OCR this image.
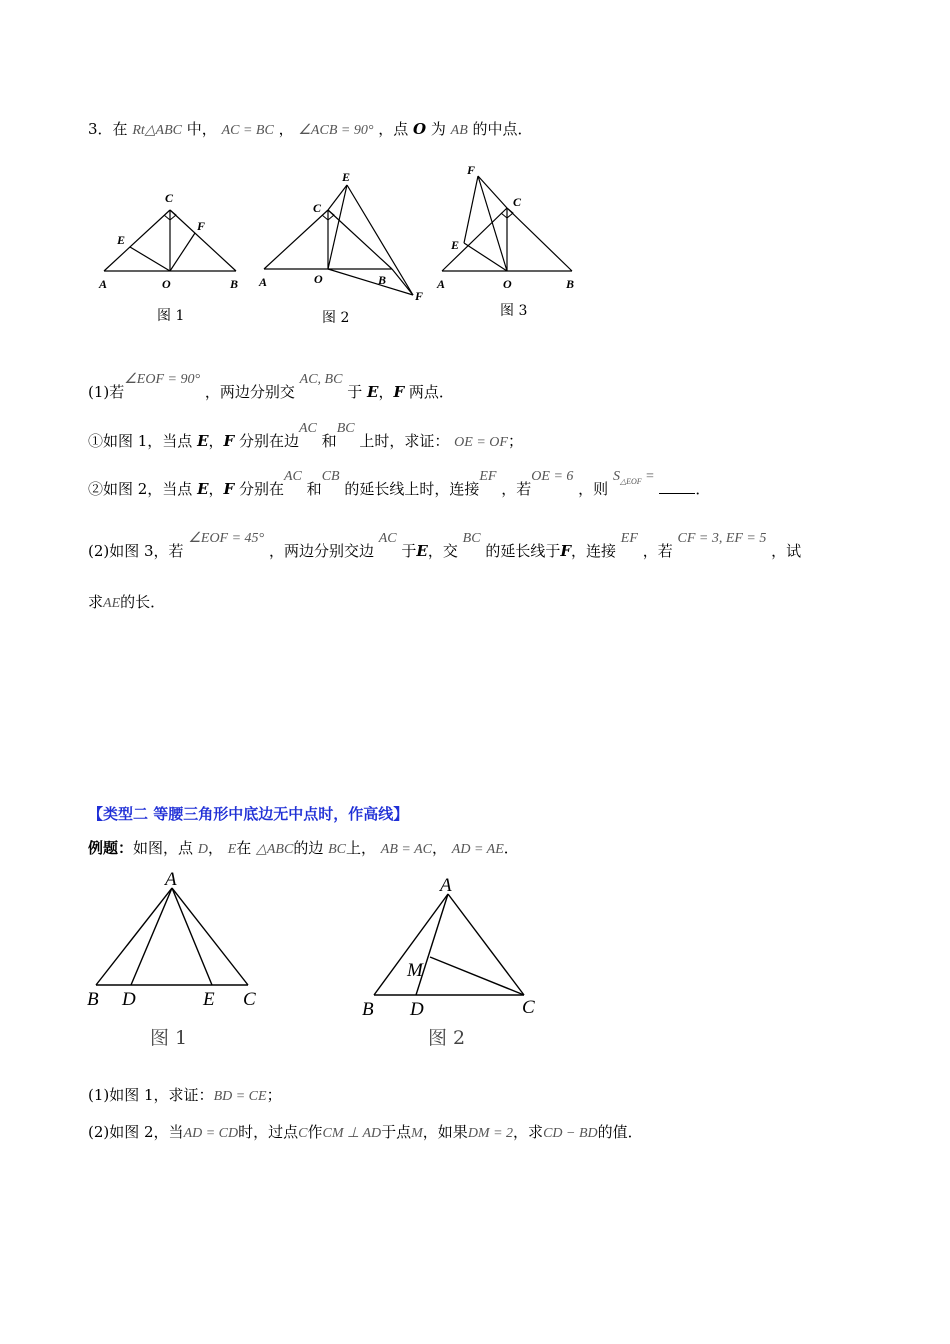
3．在 Rt△ABC 中， AC = BC ， ∠ACB = 90° ，点 O 为 AB 的中点．
C
E
F
A	O	B
图 1
E
C
A	O	B
F
图 2
F
C
E
A	O	B
图 3
(1)若∠EOF = 90° ，两边分别交 AC, BC 于 E，F 两点．
①如图 1，当点 E，F 分别在边AC 和BC 上时，求证： OE = OF；
②如图 2，当点 E，F 分别在AC 和CB 的延长线上时，连接EF ，若OE = 6 ，则 $S_{\triangle EOF}$ = ．
(2)如图 3，若 ∠EOF = 45° ，两边分别交边 AC 于E，交 BC 的延长线于F，连接 EF ，若 CF = 3, EF = 5 ，试
求AE的长．
【类型二 等腰三角形中底边无中点时，作高线】
例题：如图，点 D， E在 △ABC的边 BC上， AB = AC， AD = AE．
A
B D	E C
图 1
A
M
B D	C
图 2
(1)如图 1，求证：BD = CE；
(2)如图 2，当AD = CD时，过点C作CM ⊥ AD于点M，如果DM = 2，求CD − BD的值．
